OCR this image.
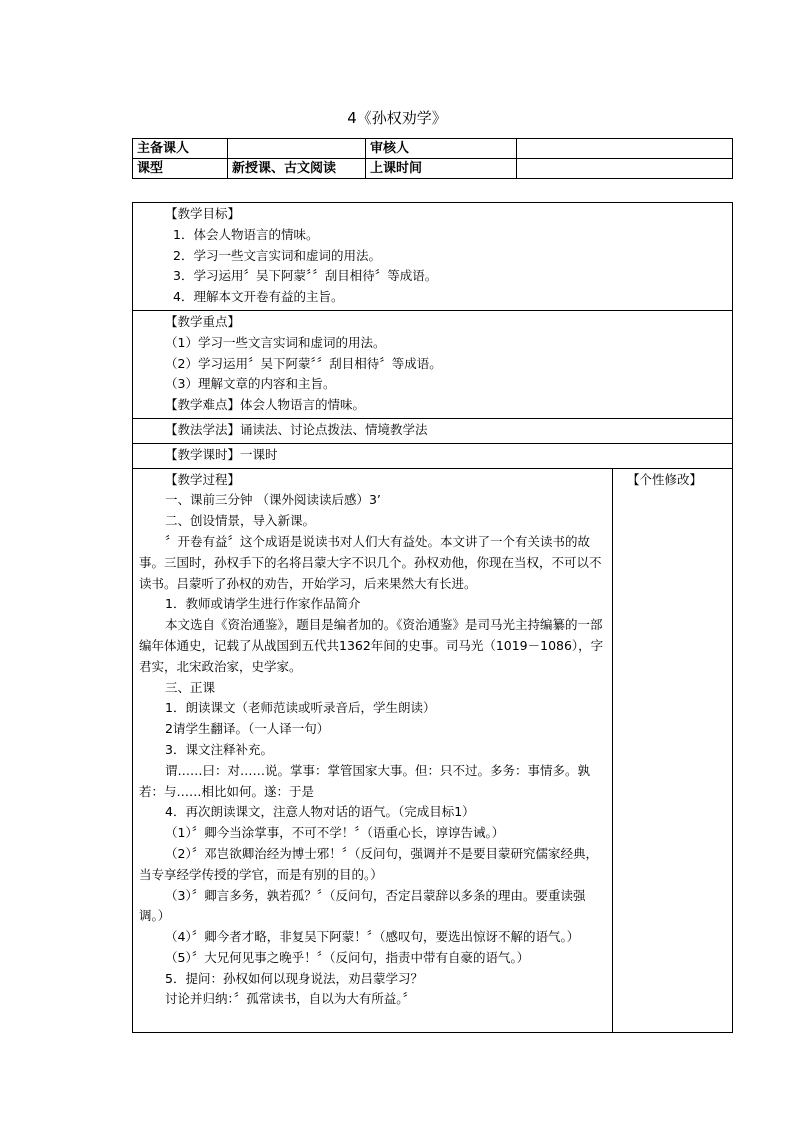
4《孙权劝学》
主备课人		审核人	
课型	新授课、古文阅读	上课时间	
【教学目标】
1．体会人物语言的情味。
2．学习一些文言实词和虚词的用法。
3．学习运用〞吴下阿蒙〞〞刮目相待〞等成语。
4．理解本文开卷有益的主旨。

【教学重点】
（1）学习一些文言实词和虚词的用法。
（2）学习运用〞吴下阿蒙〞〞刮目相待〞等成语。
（3）理解文章的内容和主旨。
【教学难点】体会人物语言的情味。

【教法学法】诵读法、讨论点拨法、情境教学法

【教学课时】一课时

【教学过程】
一、课前三分钟 （课外阅读读后感）3’
二、创设情景，导入新课。
〞开卷有益〞这个成语是说读书对人们大有益处。本文讲了一个有关读书的故事。三国时，孙权手下的名将吕蒙大字不识几个。孙权劝他，你现在当权，不可以不读书。吕蒙听了孙权的劝告，开始学习，后来果然大有长进。
1．教师或请学生进行作家作品简介
本文选自《资治通鉴》，题目是编者加的。《资治通鉴》是司马光主持编纂的一部编年体通史，记载了从战国到五代共1362年间的史事。司马光（1019－1086），字君实，北宋政治家，史学家。
三、正课
1．朗读课文（老师范读或听录音后，学生朗读）
2请学生翻译。（一人译一句）
3．课文注释补充。
谓……曰：对……说。掌事：掌管国家大事。但：只不过。多务：事情多。孰若：与……相比如何。遂：于是
4．再次朗读课文，注意人物对话的语气。（完成目标1）
（1）〞卿今当涂掌事，不可不学！〞（语重心长，谆谆告诫。）
（2）〞邓岂欲卿治经为博士邪！〞（反问句，强调并不是要目蒙研究儒家经典，当专享经学传授的学官，而是有别的目的。）
（3）〞卿言多务，孰若孤？〞（反问句，否定吕蒙辞以多条的理由。要重读强调。）
（4）〞卿今者才略，非复吴下阿蒙！〞（感叹句，要选出惊讶不解的语气。）
（5）〞大兄何见事之晚乎！〞（反问句，指责中带有自豪的语气。）
5．提问：孙权如何以现身说法，劝吕蒙学习？
讨论并归纳：〞孤常读书，自以为大有所益。〞

【个性修改】
